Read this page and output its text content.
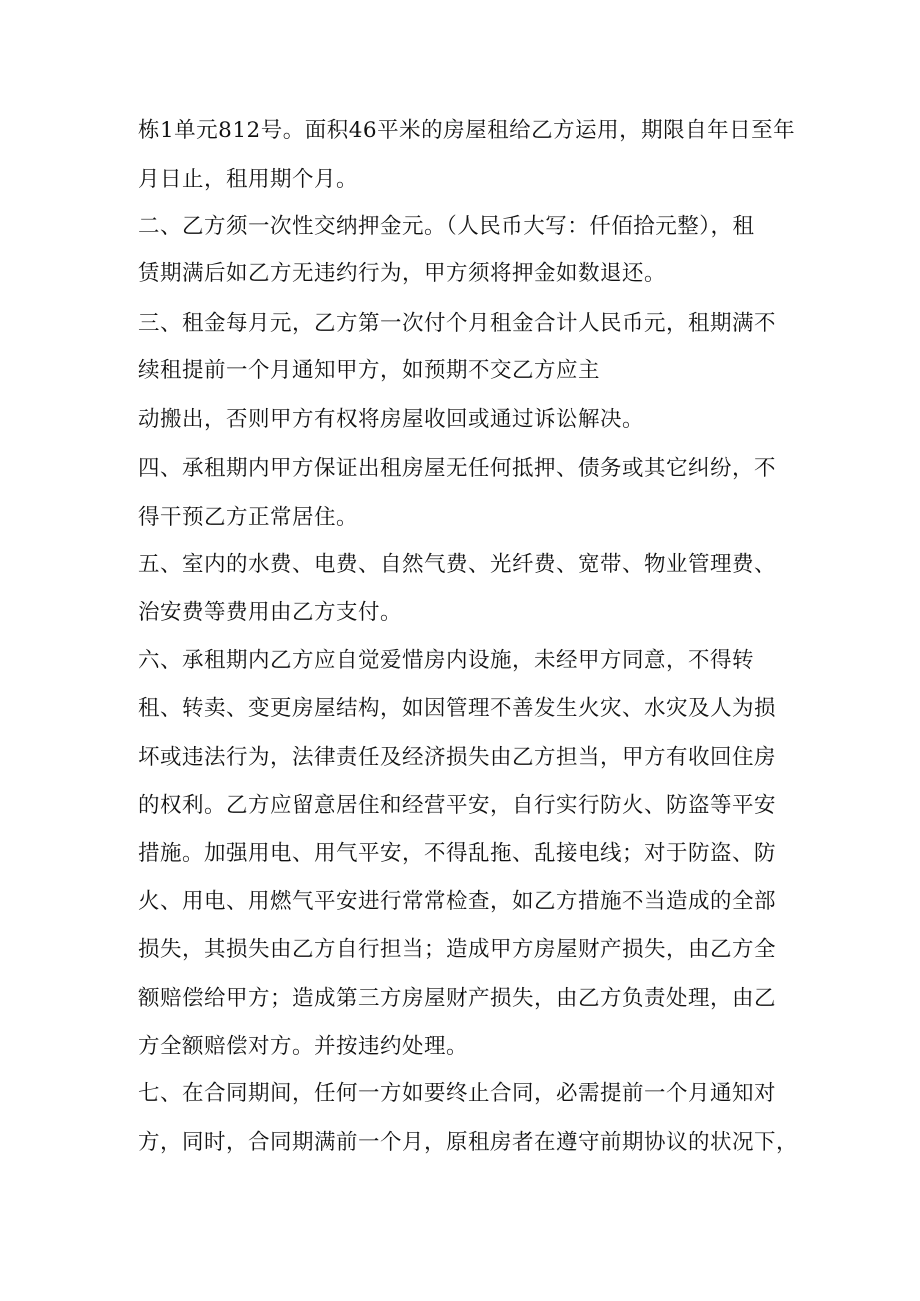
栋1单元812号。面积46平米的房屋租给乙方运用，期限自年日至年
月日止，租用期个月。
二、乙方须一次性交纳押金元。（人民币大写：仟佰拾元整），租
赁期满后如乙方无违约行为，甲方须将押金如数退还。
三、租金每月元，乙方第一次付个月租金合计人民币元，租期满不
续租提前一个月通知甲方，如预期不交乙方应主
动搬出，否则甲方有权将房屋收回或通过诉讼解决。
四、承租期内甲方保证出租房屋无任何抵押、债务或其它纠纷，不
得干预乙方正常居住。
五、室内的水费、电费、自然气费、光纤费、宽带、物业管理费、
治安费等费用由乙方支付。
六、承租期内乙方应自觉爱惜房内设施，未经甲方同意，不得转
租、转卖、变更房屋结构，如因管理不善发生火灾、水灾及人为损
坏或违法行为，法律责任及经济损失由乙方担当，甲方有收回住房
的权利。乙方应留意居住和经营平安，自行实行防火、防盗等平安
措施。加强用电、用气平安，不得乱拖、乱接电线；对于防盗、防
火、用电、用燃气平安进行常常检查，如乙方措施不当造成的全部
损失，其损失由乙方自行担当；造成甲方房屋财产损失，由乙方全
额赔偿给甲方；造成第三方房屋财产损失，由乙方负责处理，由乙
方全额赔偿对方。并按违约处理。
七、在合同期间，任何一方如要终止合同，必需提前一个月通知对
方，同时，合同期满前一个月，原租房者在遵守前期协议的状况下，
